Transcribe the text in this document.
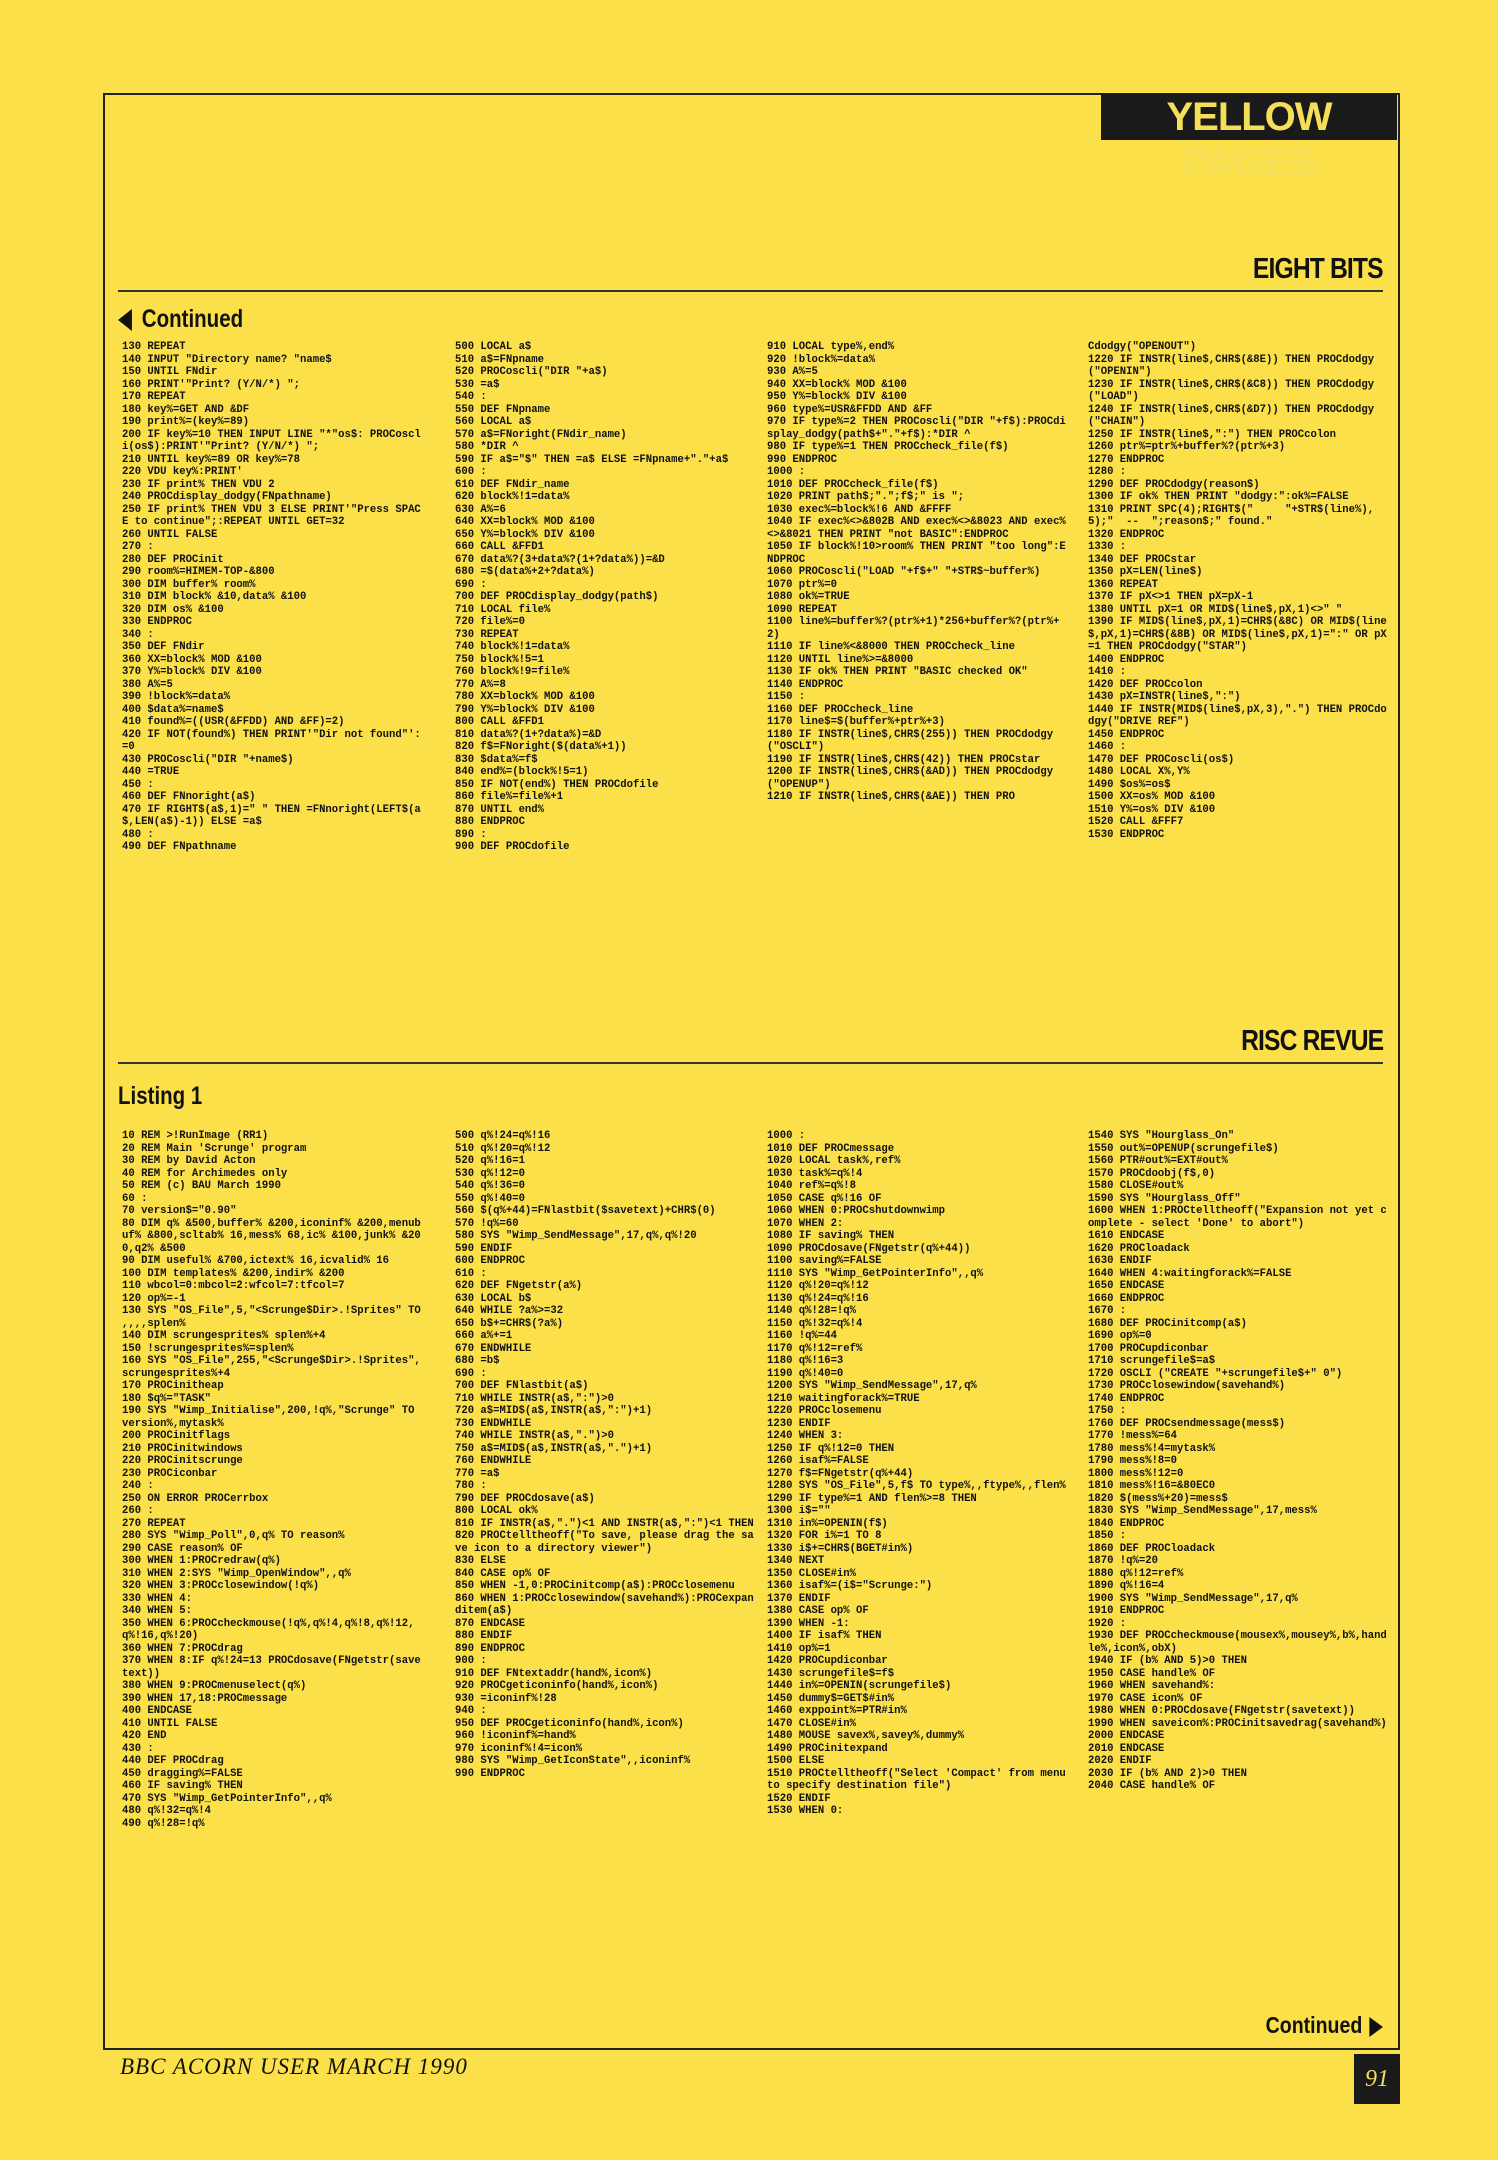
YELLOW PAGES
EIGHT BITS
Continued
130 REPEAT
140 INPUT "Directory name? "name$
150 UNTIL FNdir
160 PRINT'"Print? (Y/N/*) ";
170 REPEAT
180 key%=GET AND &DF
190 print%=(key%=89)
200 IF key%=10 THEN INPUT LINE "*"os$: PROCoscli(os$):PRINT'"Print? (Y/N/*) ";
210 UNTIL key%=89 OR key%=78
220 VDU key%:PRINT'
230 IF print% THEN VDU 2
240 PROCdisplay_dodgy(FNpathname)
250 IF print% THEN VDU 3 ELSE PRINT'"Press SPACE to continue";:REPEAT UNTIL GET=32
260 UNTIL FALSE
270 :
280 DEF PROCinit
290 room%=HIMEM-TOP-&800
300 DIM buffer% room%
310 DIM block% &10,data% &100
320 DIM os% &100
330 ENDPROC
340 :
350 DEF FNdir
360 XX=block% MOD &100
370 Y%=block% DIV &100
380 A%=5
390 !block%=data%
400 $data%=name$
410 found%=((USR(&FFDD) AND &FF)=2)
420 IF NOT(found%) THEN PRINT'"Dir not found"':=0
430 PROCoscli("DIR "+name$)
440 =TRUE
450 :
460 DEF FNnoright(a$)
470 IF RIGHT$(a$,1)=" " THEN =FNnoright(LEFT$(a$,LEN(a$)-1)) ELSE =a$
480 :
490 DEF FNpathname
500 LOCAL a$
510 a$=FNpname
520 PROCoscli("DIR "+a$)
530 =a$
540 :
550 DEF FNpname
560 LOCAL a$
570 a$=FNoright(FNdir_name)
580 *DIR ^
590 IF a$="$" THEN =a$ ELSE =FNpname+"."+a$
600 :
610 DEF FNdir_name
620 block%!1=data%
630 A%=6
640 XX=block% MOD &100
650 Y%=block% DIV &100
660 CALL &FFD1
670 data%?(3+data%?(1+?data%))=&D
680 =$(data%+2+?data%)
690 :
700 DEF PROCdisplay_dodgy(path$)
710 LOCAL file%
720 file%=0
730 REPEAT
740 block%!1=data%
750 block%!5=1
760 block%!9=file%
770 A%=8
780 XX=block% MOD &100
790 Y%=block% DIV &100
800 CALL &FFD1
810 data%?(1+?data%)=&D
820 f$=FNoright($(data%+1))
830 $data%=f$
840 end%=(block%!5=1)
850 IF NOT(end%) THEN PROCdofile
860 file%=file%+1
870 UNTIL end%
880 ENDPROC
890 :
900 DEF PROCdofile
910 LOCAL type%,end%
920 !block%=data%
930 A%=5
940 XX=block% MOD &100
950 Y%=block% DIV &100
960 type%=USR&FFDD AND &FF
970 IF type%=2 THEN PROCoscli("DIR "+f$):PROCdisplay_dodgy(path$+"."+f$):*DIR ^
980 IF type%=1 THEN PROCcheck_file(f$)
990 ENDPROC
1000 :
1010 DEF PROCcheck_file(f$)
1020 PRINT path$;".";f$;" is ";
1030 exec%=block%!6 AND &FFFF
1040 IF exec%<>&802B AND exec%<>&8023 AND exec%<>&8021 THEN PRINT "not BASIC":ENDPROC
1050 IF block%!10>room% THEN PRINT "too long":ENDPROC
1060 PROCoscli("LOAD "+f$+" "+STR$~buffer%)
1070 ptr%=0
1080 ok%=TRUE
1090 REPEAT
1100 line%=buffer%?(ptr%+1)*256+buffer%?(ptr%+2)
1110 IF line%<&8000 THEN PROCcheck_line
1120 UNTIL line%>=&8000
1130 IF ok% THEN PRINT "BASIC checked OK"
1140 ENDPROC
1150 :
1160 DEF PROCcheck_line
1170 line$=$(buffer%+ptr%+3)
1180 IF INSTR(line$,CHR$(255)) THEN PROCdodgy("OSCLI")
1190 IF INSTR(line$,CHR$(42)) THEN PROCstar
1200 IF INSTR(line$,CHR$(&AD)) THEN PROCdodgy("OPENUP")
1210 IF INSTR(line$,CHR$(&AE)) THEN PRO
Cdodgy("OPENOUT")
1220 IF INSTR(line$,CHR$(&8E)) THEN PROCdodgy("OPENIN")
1230 IF INSTR(line$,CHR$(&C8)) THEN PROCdodgy("LOAD")
1240 IF INSTR(line$,CHR$(&D7)) THEN PROCdodgy("CHAIN")
1250 IF INSTR(line$,":") THEN PROCcolon
1260 ptr%=ptr%+buffer%?(ptr%+3)
1270 ENDPROC
1280 :
1290 DEF PROCdodgy(reason$)
1300 IF ok% THEN PRINT "dodgy:":ok%=FALSE
1310 PRINT SPC(4);RIGHT$("     "+STR$(line%),5);"  --  ";reason$;" found."
1320 ENDPROC
1330 :
1340 DEF PROCstar
1350 pX=LEN(line$)
1360 REPEAT
1370 IF pX<>1 THEN pX=pX-1
1380 UNTIL pX=1 OR MID$(line$,pX,1)<>" "
1390 IF MID$(line$,pX,1)=CHR$(&8C) OR MID$(line$,pX,1)=CHR$(&8B) OR MID$(line$,pX,1)=":" OR pX=1 THEN PROCdodgy("STAR")
1400 ENDPROC
1410 :
1420 DEF PROCcolon
1430 pX=INSTR(line$,":")
1440 IF INSTR(MID$(line$,pX,3),".") THEN PROCdodgy("DRIVE REF")
1450 ENDPROC
1460 :
1470 DEF PROCoscli(os$)
1480 LOCAL X%,Y%
1490 $os%=os$
1500 XX=os% MOD &100
1510 Y%=os% DIV &100
1520 CALL &FFF7
1530 ENDPROC
RISC REVUE
Listing 1
10 REM >!RunImage (RR1)
20 REM Main 'Scrunge' program
30 REM by David Acton
40 REM for Archimedes only
50 REM (c) BAU March 1990
60 :
70 version$="0.90"
80 DIM q% &500,buffer% &200,iconinf% &200,menubuf% &800,scltab% 16,mess% 68,ic% &100,junk% &200,q2% &500
90 DIM useful% &700,ictext% 16,icvalid% 16
100 DIM templates% &200,indir% &200
110 wbcol=0:mbcol=2:wfcol=7:tfcol=7
120 op%=-1
130 SYS "OS_File",5,"<Scrunge$Dir>.!Sprites" TO ,,,,splen%
140 DIM scrungesprites% splen%+4
150 !scrungesprites%=splen%
160 SYS "OS_File",255,"<Scrunge$Dir>.!Sprites",scrungesprites%+4
170 PROCinitheap
180 $q%="TASK"
190 SYS "Wimp_Initialise",200,!q%,"Scrunge" TO version%,mytask%
200 PROCinitflags
210 PROCinitwindows
220 PROCinitscrunge
230 PROCiconbar
240 :
250 ON ERROR PROCerrbox
260 :
270 REPEAT
280 SYS "Wimp_Poll",0,q% TO reason%
290 CASE reason% OF
300 WHEN 1:PROCredraw(q%)
310 WHEN 2:SYS "Wimp_OpenWindow",,q%
320 WHEN 3:PROCclosewindow(!q%)
330 WHEN 4:
340 WHEN 5:
350 WHEN 6:PROCcheckmouse(!q%,q%!4,q%!8,q%!12,q%!16,q%!20)
360 WHEN 7:PROCdrag
370 WHEN 8:IF q%!24=13 PROCdosave(FNgetstr(savetext))
380 WHEN 9:PROCmenuselect(q%)
390 WHEN 17,18:PROCmessage
400 ENDCASE
410 UNTIL FALSE
420 END
430 :
440 DEF PROCdrag
450 dragging%=FALSE
460 IF saving% THEN
470 SYS "Wimp_GetPointerInfo",,q%
480 q%!32=q%!4
490 q%!28=!q%
500 q%!24=q%!16
510 q%!20=q%!12
520 q%!16=1
530 q%!12=0
540 q%!36=0
550 q%!40=0
560 $(q%+44)=FNlastbit($savetext)+CHR$(0)
570 !q%=60
580 SYS "Wimp_SendMessage",17,q%,q%!20
590 ENDIF
600 ENDPROC
610 :
620 DEF FNgetstr(a%)
630 LOCAL b$
640 WHILE ?a%>=32
650 b$+=CHR$(?a%)
660 a%+=1
670 ENDWHILE
680 =b$
690 :
700 DEF FNlastbit(a$)
710 WHILE INSTR(a$,":")>0
720 a$=MID$(a$,INSTR(a$,":")+1)
730 ENDWHILE
740 WHILE INSTR(a$,".")>0
750 a$=MID$(a$,INSTR(a$,".")+1)
760 ENDWHILE
770 =a$
780 :
790 DEF PROCdosave(a$)
800 LOCAL ok%
810 IF INSTR(a$,".")<1 AND INSTR(a$,":")<1 THEN
820 PROCtelltheoff("To save, please drag the save icon to a directory viewer")
830 ELSE
840 CASE op% OF
850 WHEN -1,0:PROCinitcomp(a$):PROCclosemenu
860 WHEN 1:PROCclosewindow(savehand%):PROCexpanditem(a$)
870 ENDCASE
880 ENDIF
890 ENDPROC
900 :
910 DEF FNtextaddr(hand%,icon%)
920 PROCgeticoninfo(hand%,icon%)
930 =iconinf%!28
940 :
950 DEF PROCgeticoninfo(hand%,icon%)
960 !iconinf%=hand%
970 iconinf%!4=icon%
980 SYS "Wimp_GetIconState",,iconinf%
990 ENDPROC
1000 :
1010 DEF PROCmessage
1020 LOCAL task%,ref%
1030 task%=q%!4
1040 ref%=q%!8
1050 CASE q%!16 OF
1060 WHEN 0:PROCshutdownwimp
1070 WHEN 2:
1080 IF saving% THEN
1090 PROCdosave(FNgetstr(q%+44))
1100 saving%=FALSE
1110 SYS "Wimp_GetPointerInfo",,q%
1120 q%!20=q%!12
1130 q%!24=q%!16
1140 q%!28=!q%
1150 q%!32=q%!4
1160 !q%=44
1170 q%!12=ref%
1180 q%!16=3
1190 q%!40=0
1200 SYS "Wimp_SendMessage",17,q%
1210 waitingforack%=TRUE
1220 PROCclosemenu
1230 ENDIF
1240 WHEN 3:
1250 IF q%!12=0 THEN
1260 isaf%=FALSE
1270 f$=FNgetstr(q%+44)
1280 SYS "OS_File",5,f$ TO type%,,ftype%,,flen%
1290 IF type%=1 AND flen%>=8 THEN
1300 i$=""
1310 in%=OPENIN(f$)
1320 FOR i%=1 TO 8
1330 i$+=CHR$(BGET#in%)
1340 NEXT
1350 CLOSE#in%
1360 isaf%=(i$="Scrunge:")
1370 ENDIF
1380 CASE op% OF
1390 WHEN -1:
1400 IF isaf% THEN
1410 op%=1
1420 PROCupdiconbar
1430 scrungefile$=f$
1440 in%=OPENIN(scrungefile$)
1450 dummy$=GET$#in%
1460 exppoint%=PTR#in%
1470 CLOSE#in%
1480 MOUSE savex%,savey%,dummy%
1490 PROCinitexpand
1500 ELSE
1510 PROCtelltheoff("Select 'Compact' from menu to specify destination file")
1520 ENDIF
1530 WHEN 0:
1540 SYS "Hourglass_On"
1550 out%=OPENUP(scrungefile$)
1560 PTR#out%=EXT#out%
1570 PROCdoobj(f$,0)
1580 CLOSE#out%
1590 SYS "Hourglass_Off"
1600 WHEN 1:PROCtelltheoff("Expansion not yet complete - select 'Done' to abort")
1610 ENDCASE
1620 PROCloadack
1630 ENDIF
1640 WHEN 4:waitingforack%=FALSE
1650 ENDCASE
1660 ENDPROC
1670 :
1680 DEF PROCinitcomp(a$)
1690 op%=0
1700 PROCupdiconbar
1710 scrungefile$=a$
1720 OSCLI ("CREATE "+scrungefile$+" 0")
1730 PROCclosewindow(savehand%)
1740 ENDPROC
1750 :
1760 DEF PROCsendmessage(mess$)
1770 !mess%=64
1780 mess%!4=mytask%
1790 mess%!8=0
1800 mess%!12=0
1810 mess%!16=&80EC0
1820 $(mess%+20)=mess$
1830 SYS "Wimp_SendMessage",17,mess%
1840 ENDPROC
1850 :
1860 DEF PROCloadack
1870 !q%=20
1880 q%!12=ref%
1890 q%!16=4
1900 SYS "Wimp_SendMessage",17,q%
1910 ENDPROC
1920 :
1930 DEF PROCcheckmouse(mousex%,mousey%,b%,handle%,icon%,obX)
1940 IF (b% AND 5)>0 THEN
1950 CASE handle% OF
1960 WHEN savehand%:
1970 CASE icon% OF
1980 WHEN 0:PROCdosave(FNgetstr(savetext))
1990 WHEN saveicon%:PROCinitsavedrag(savehand%)
2000 ENDCASE
2010 ENDCASE
2020 ENDIF
2030 IF (b% AND 2)>0 THEN
2040 CASE handle% OF
Continued
BBC ACORN USER MARCH 1990	91
